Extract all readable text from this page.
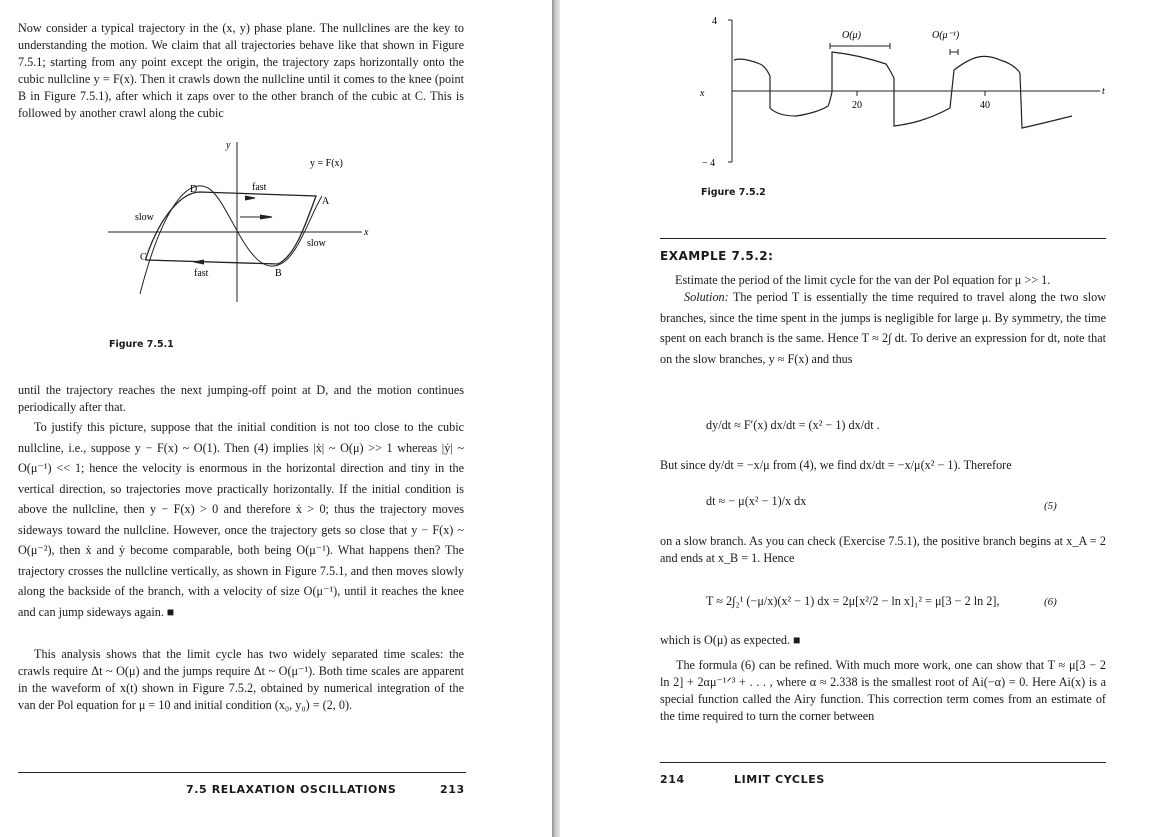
Now consider a typical trajectory in the (x, y) phase plane. The nullclines are the key to understanding the motion. We claim that all trajectories behave like that shown in Figure 7.5.1; starting from any point except the origin, the trajectory zaps horizontally onto the cubic nullcline y = F(x). Then it crawls down the nullcline until it comes to the knee (point B in Figure 7.5.1), after which it zaps over to the other branch of the cubic at C. This is followed by another crawl along the cubic

y
x
y = F(x)
D
A
B
C
fast
fast
slow
slow
Figure 7.5.1

until the trajectory reaches the next jumping-off point at D, and the motion continues periodically after that.

To justify this picture, suppose that the initial condition is not too close to the cubic nullcline, i.e., suppose y − F(x) ~ O(1). Then (4) implies |ẋ| ~ O(μ) >> 1 whereas |ẏ| ~ O(μ⁻¹) << 1; hence the velocity is enormous in the horizontal direction and tiny in the vertical direction, so trajectories move practically horizontally. If the initial condition is above the nullcline, then y − F(x) > 0 and therefore ẋ > 0; thus the trajectory moves sideways toward the nullcline. However, once the trajectory gets so close that y − F(x) ~ O(μ⁻²), then ẋ and ẏ become comparable, both being O(μ⁻¹). What happens then? The trajectory crosses the nullcline vertically, as shown in Figure 7.5.1, and then moves slowly along the backside of the branch, with a velocity of size O(μ⁻¹), until it reaches the knee and can jump sideways again. ■

This analysis shows that the limit cycle has two widely separated time scales: the crawls require Δt ~ O(μ) and the jumps require Δt ~ O(μ⁻¹). Both time scales are apparent in the waveform of x(t) shown in Figure 7.5.2, obtained by numerical integration of the van der Pol equation for μ = 10 and initial condition (x₀, y₀) = (2, 0).

7.5 RELAXATION OSCILLATIONS	213
4
− 4
x	t
20	40
O(μ)	O(μ⁻¹)
Figure 7.5.2
EXAMPLE 7.5.2:

Estimate the period of the limit cycle for the van der Pol equation for μ >> 1.

Solution: The period T is essentially the time required to travel along the two slow branches, since the time spent in the jumps is negligible for large μ. By symmetry, the time spent on each branch is the same. Hence T ≈ 2∫ dt. To derive an expression for dt, note that on the slow branches, y ≈ F(x) and thus

dy/dt ≈ F′(x) dx/dt = (x² − 1) dx/dt .

But since dy/dt = −x/μ from (4), we find dx/dt = −x/μ(x² − 1). Therefore

dt ≈ − μ(x² − 1)/x dx	(5)

on a slow branch. As you can check (Exercise 7.5.1), the positive branch begins at x_A = 2 and ends at x_B = 1. Hence

T ≈ 2∫₂¹ (−μ/x)(x² − 1) dx = 2μ[x²/2 − ln x]₁² = μ[3 − 2 ln 2],	(6)

which is O(μ) as expected. ■

The formula (6) can be refined. With much more work, one can show that T ≈ μ[3 − 2 ln 2] + 2αμ⁻¹ᐟ³ + . . . , where α ≈ 2.338 is the smallest root of Ai(−α) = 0. Here Ai(x) is a special function called the Airy function. This correction term comes from an estimate of the time required to turn the corner between

214	LIMIT CYCLES
